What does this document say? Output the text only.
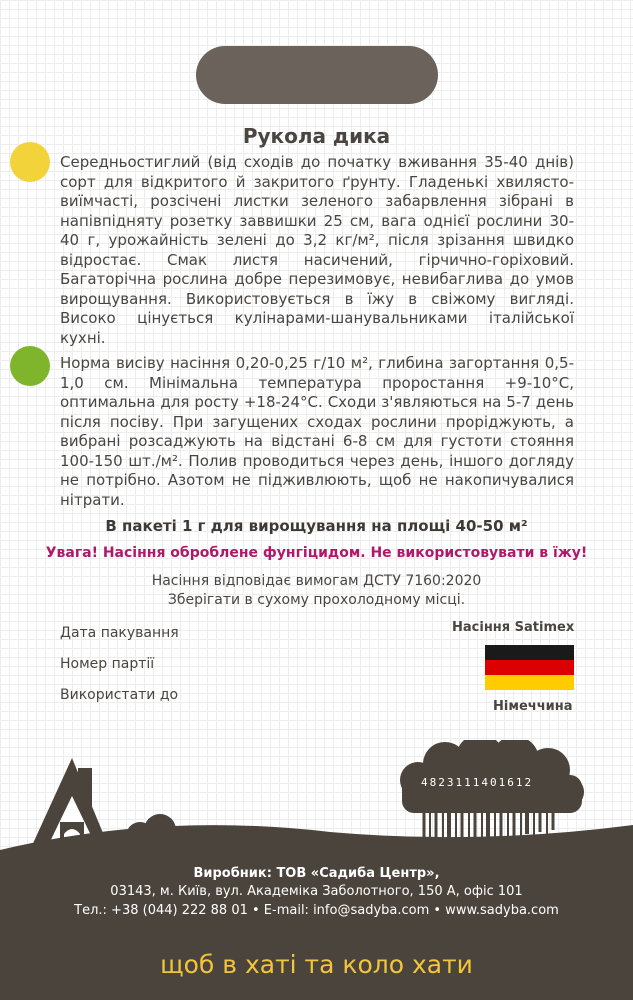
Рукола дика

Середньостиглий (від сходів до початку вживання 35-40 днів) сорт для відкритого й закритого ґрунту. Гладенькі хвилясто-виїмчасті, розсічені листки зеленого забарвлення зібрані в напівпідняту розетку заввишки 25 см, вага однієї рослини 30-40 г, урожайність зелені до 3,2 кг/м², після зрізання швидко відростає. Смак листя насичений, гірчично-горіховий. Багаторічна рослина добре перезимовує, невибаглива до умов вирощування. Використовується в їжу в свіжому вигляді. Високо цінується кулінарами-шанувальниками італійської кухні.

Норма висіву насіння 0,20-0,25 г/10 м², глибина загортання 0,5-1,0 см. Мінімальна температура проростання +9-10°С, оптимальна для росту +18-24°С. Сходи з'являються на 5-7 день після посіву. При загущених сходах рослини проріджують, а вибрані розсаджують на відстані 6-8 см для густоти стояння 100-150 шт./м². Полив проводиться через день, іншого догляду не потрібно. Азотом не підживлюють, щоб не накопичувалися нітрати.

В пакеті 1 г для вирощування на площі 40-50 м²
Увага! Насіння оброблене фунгіцидом. Не використовувати в їжу!
Насіння відповідає вимогам ДСТУ 7160:2020
Зберігати в сухому прохолодному місці.
Дата пакування
Номер партії
Використати до
Насіння Satimex
Німеччина
4823111401612
Виробник: ТОВ «Садиба Центр»,
03143, м. Київ, вул. Академіка Заболотного, 150 А, офіс 101
Тел.: +38 (044) 222 88 01 • E-mail: info@sadyba.com • www.sadyba.com
щоб в хаті та коло хати
